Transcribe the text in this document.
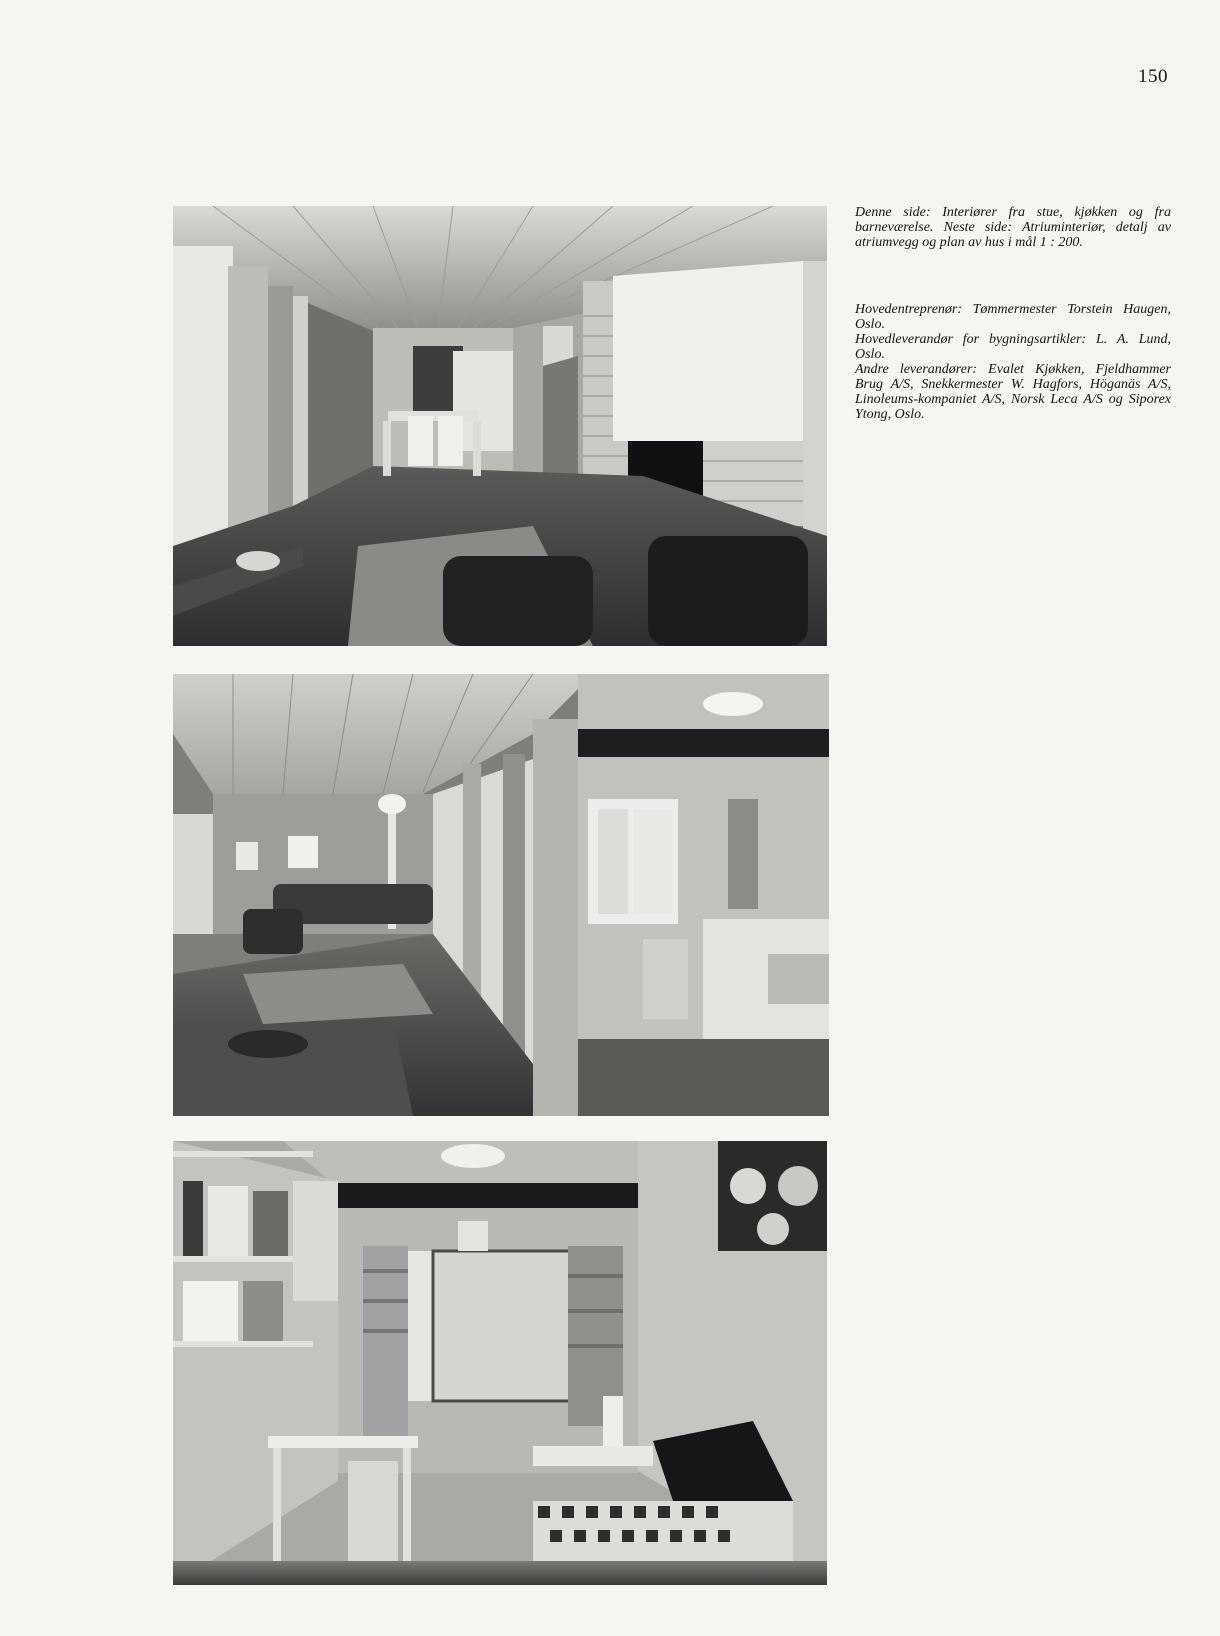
150
Denne side: Interiører fra stue, kjøkken og fra barneværelse. Neste side: Atriuminteriør, detalj av atriumvegg og plan av hus i mål 1 : 200.
Hovedentreprenør: Tømmermester Torstein Haugen, Oslo.
Hovedleverandør for bygningsartikler: L. A. Lund, Oslo.
Andre leverandører: Evalet Kjøkken, Fjeldhammer Brug A/S, Snekkermester W. Hagfors, Höganäs A/S, Linoleums-kompaniet A/S, Norsk Leca A/S og Siporex Ytong, Oslo.
